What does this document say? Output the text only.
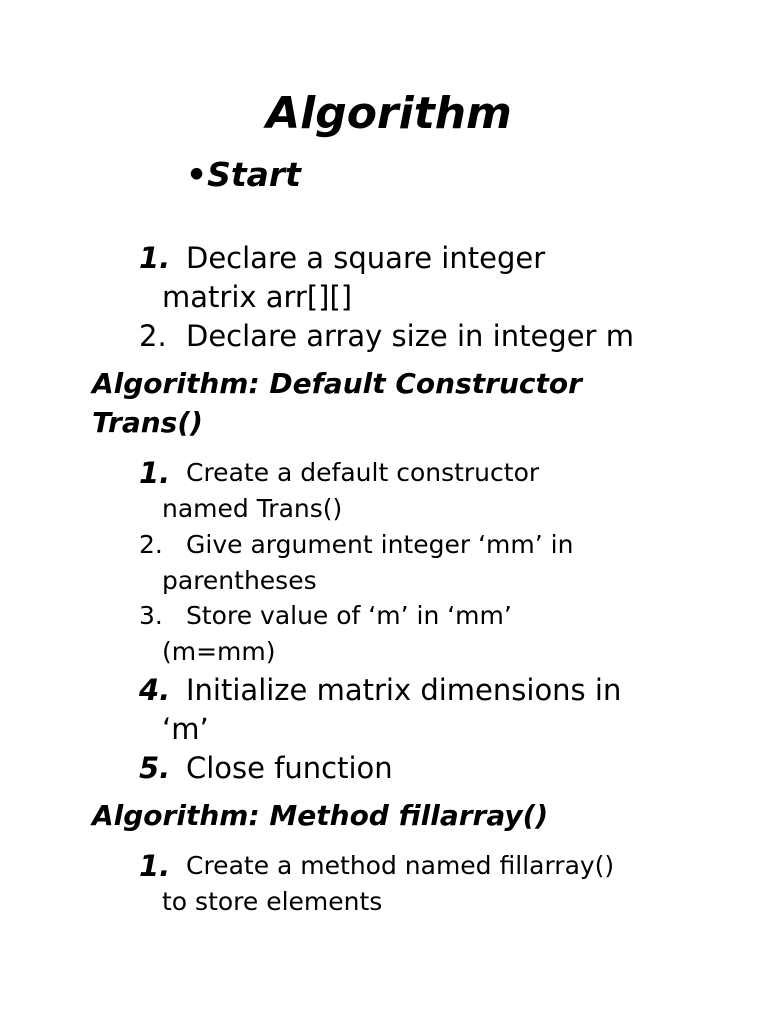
Algorithm
•Start
1. Declare a square integer
matrix arr[][]
2. Declare array size in integer m
Algorithm: Default Constructor
Trans()
1. Create a default constructor
named Trans()
2. Give argument integer ‘mm’ in
parentheses
3. Store value of ‘m’ in ‘mm’
(m=mm)
4. Initialize matrix dimensions in
‘m’
5. Close function
Algorithm: Method fillarray()
1. Create a method named fillarray()
to store elements
